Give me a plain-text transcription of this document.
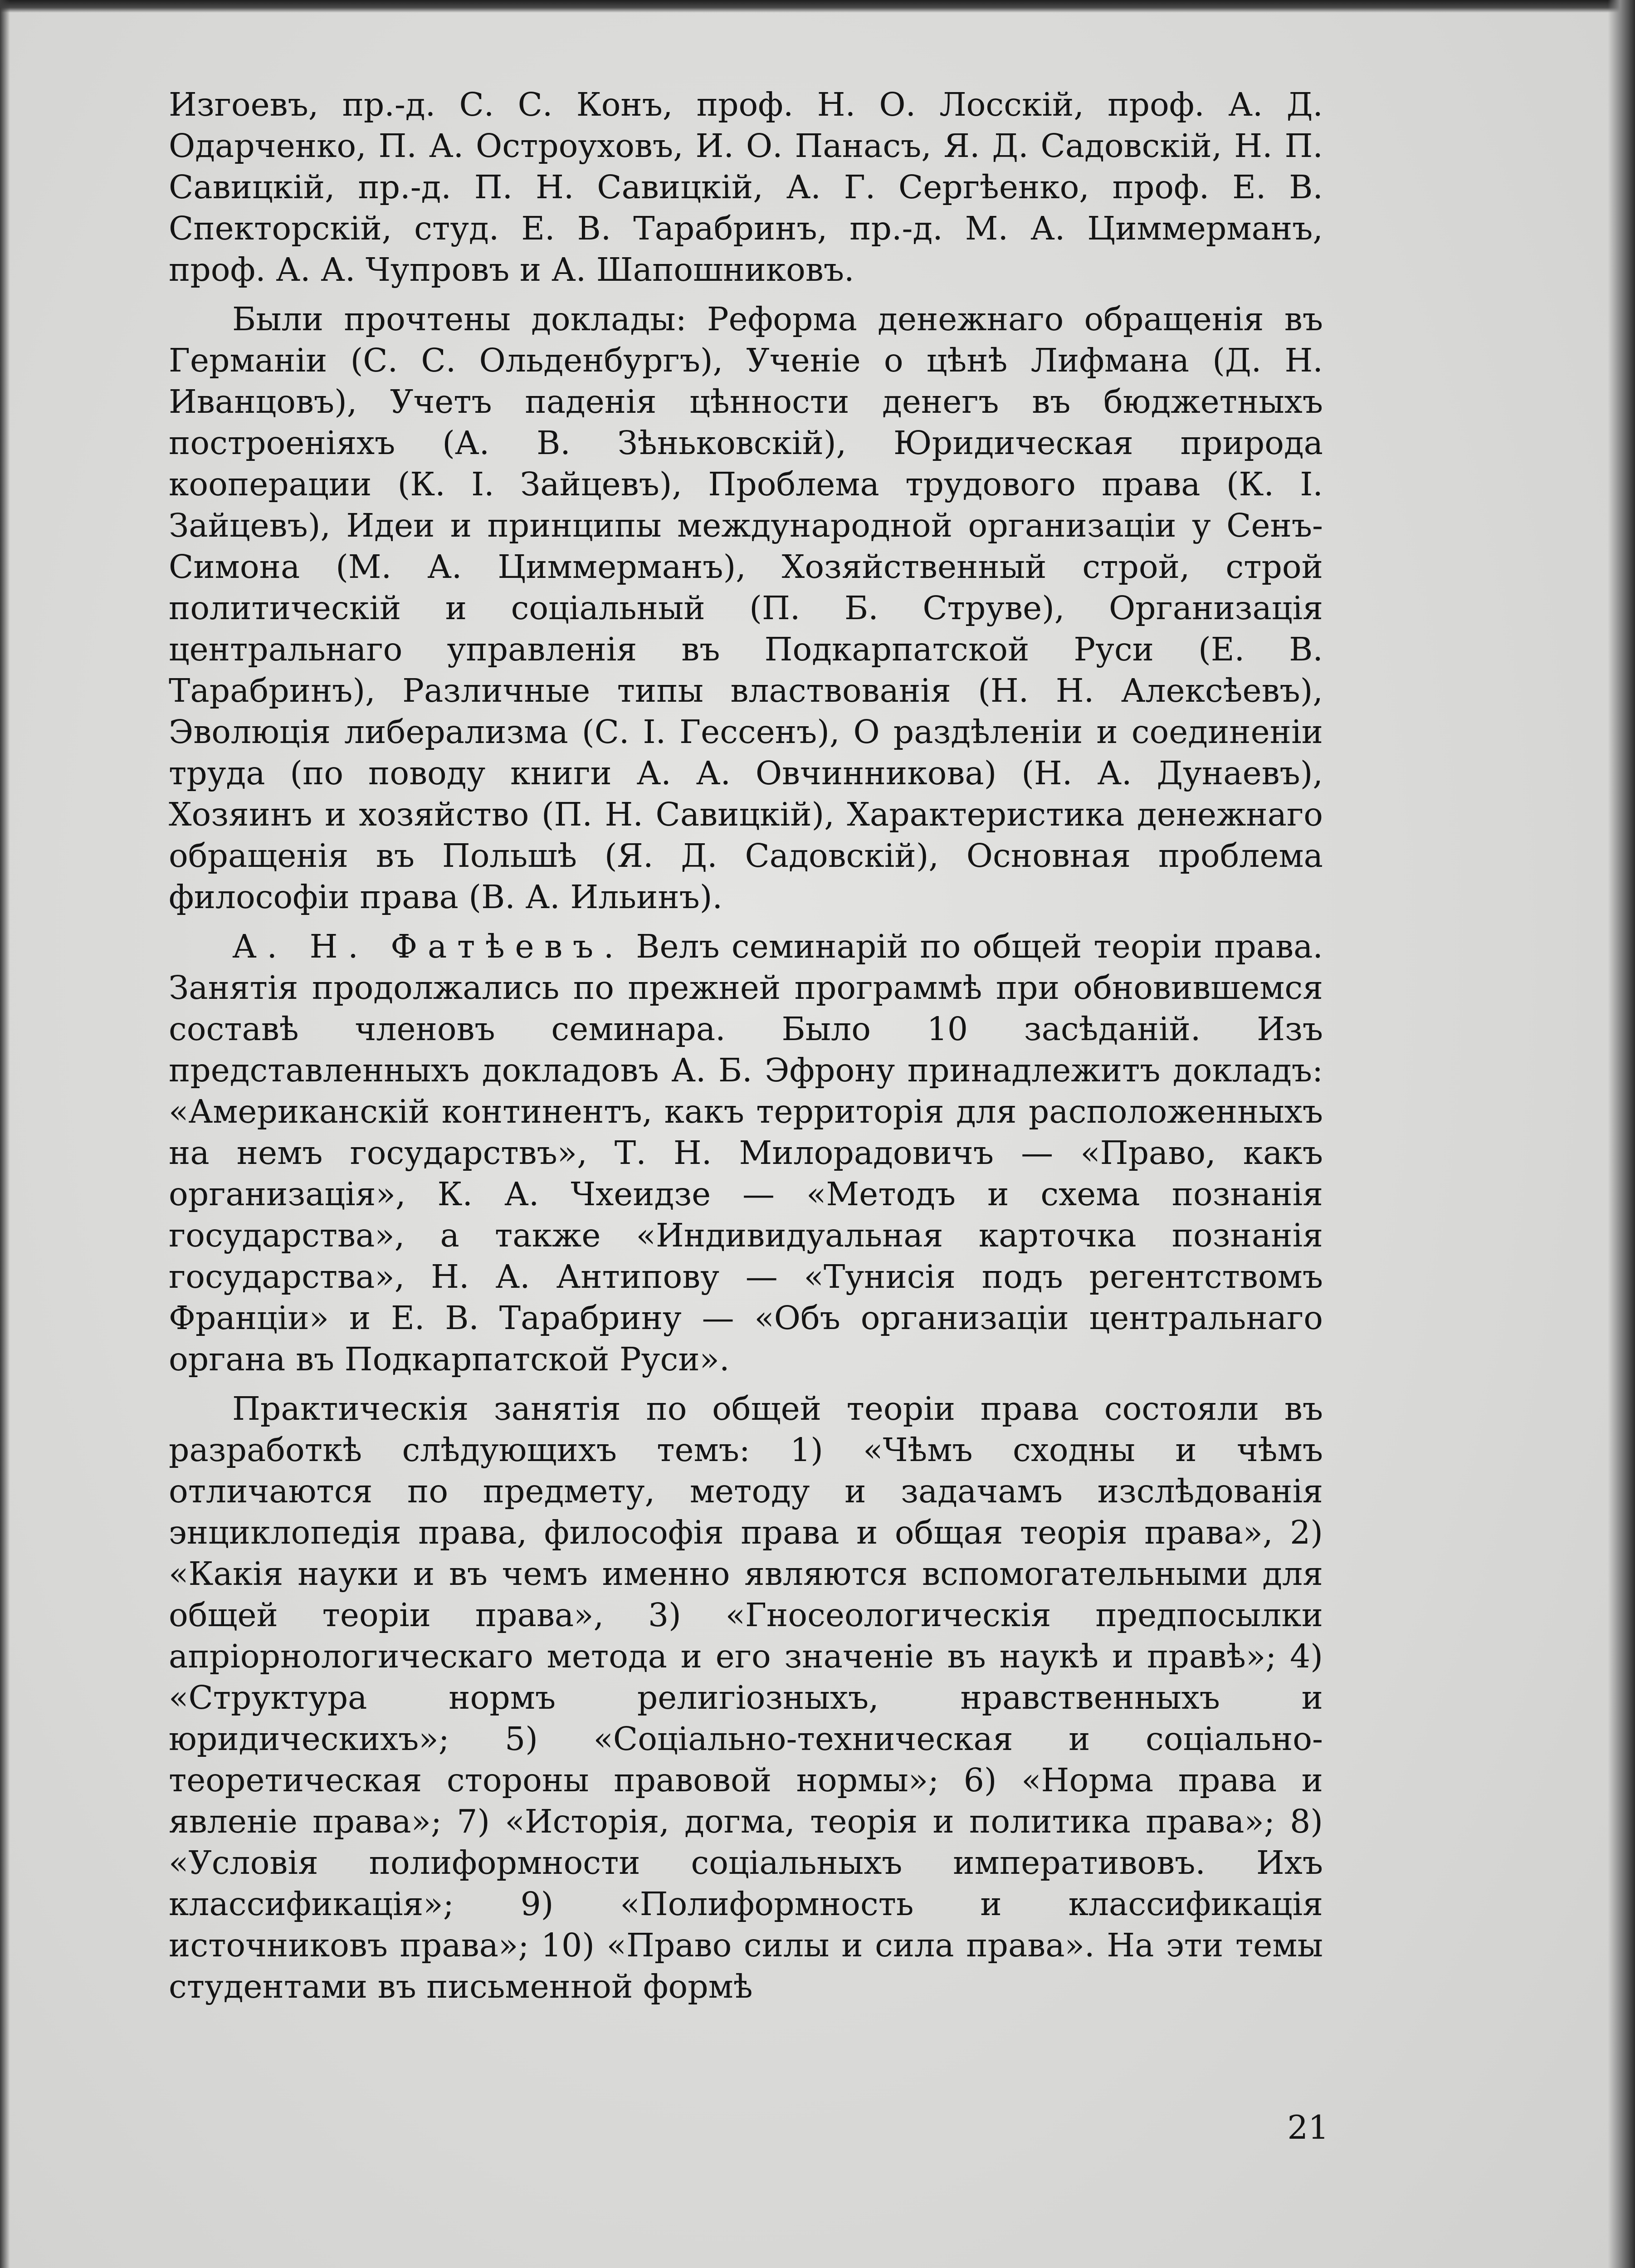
Изгоевъ, пр.-д. С. С. Конъ, проф. Н. О. Лосскій, проф. А. Д. Одарченко, П. А. Остроуховъ, И. О. Панасъ, Я. Д. Садовскій, Н. П. Савицкій, пр.-д. П. Н. Савицкій, А. Г. Сергѣенко, проф. Е. В. Спекторскій, студ. Е. В. Тарабринъ, пр.-д. М. А. Циммерманъ, проф. А. А. Чупровъ и А. Шапошниковъ.

Были прочтены доклады: Реформа денежнаго обращенія въ Германіи (С. С. Ольденбургъ), Ученіе о цѣнѣ Лифмана (Д. Н. Иванцовъ), Учетъ паденія цѣнности денегъ въ бюджетныхъ построеніяхъ (А. В. Зѣньковскій), Юридическая природа кооперации (К. І. Зайцевъ), Проблема трудового права (К. І. Зайцевъ), Идеи и принципы международной организаціи у Сенъ-Симона (М. А. Циммерманъ), Хозяйственный строй, строй политическій и соціальный (П. Б. Струве), Организація центральнаго управленія въ Подкарпатской Руси (Е. В. Тарабринъ), Различные типы властвованія (Н. Н. Алексѣевъ), Эволюція либерализма (С. І. Гессенъ), О раздѣленіи и соединеніи труда (по поводу книги А. А. Овчинникова) (Н. А. Дунаевъ), Хозяинъ и хозяйство (П. Н. Савицкій), Характеристика денежнаго обращенія въ Польшѣ (Я. Д. Садовскій), Основная проблема философіи права (В. А. Ильинъ).

А. Н. Фатѣевъ. Велъ семинарій по общей теоріи права. Занятія продолжались по прежней программѣ при обновившемся составѣ членовъ семинара. Было 10 засѣданій. Изъ представленныхъ докладовъ А. Б. Эфрону принадлежитъ докладъ: «Американскій континентъ, какъ территорія для расположенныхъ на немъ государствъ», Т. Н. Милорадовичъ — «Право, какъ организація», К. А. Чхеидзе — «Методъ и схема познанія государства», а также «Индивидуальная карточка познанія государства», Н. А. Антипову — «Тунисія подъ регентствомъ Франціи» и Е. В. Тарабрину — «Объ организаціи центральнаго органа въ Подкарпатской Руси».

Практическія занятія по общей теоріи права состояли въ разработкѣ слѣдующихъ темъ: 1) «Чѣмъ сходны и чѣмъ отличаются по предмету, методу и задачамъ изслѣдованія энциклопедія права, философія права и общая теорія права», 2) «Какія науки и въ чемъ именно являются вспомогательными для общей теоріи права», 3) «Гносеологическія предпосылки апріорнологическаго метода и его значеніе въ наукѣ и правѣ»; 4) «Структура нормъ религіозныхъ, нравственныхъ и юридическихъ»; 5) «Соціально-техническая и соціально-теоретическая стороны правовой нормы»; 6) «Норма права и явленіе права»; 7) «Исторія, догма, теорія и политика права»; 8) «Условія полиформности соціальныхъ императивовъ. Ихъ классификація»; 9) «Полиформность и классификація источниковъ права»; 10) «Право силы и сила права». На эти темы студентами въ письменной формѣ

21
